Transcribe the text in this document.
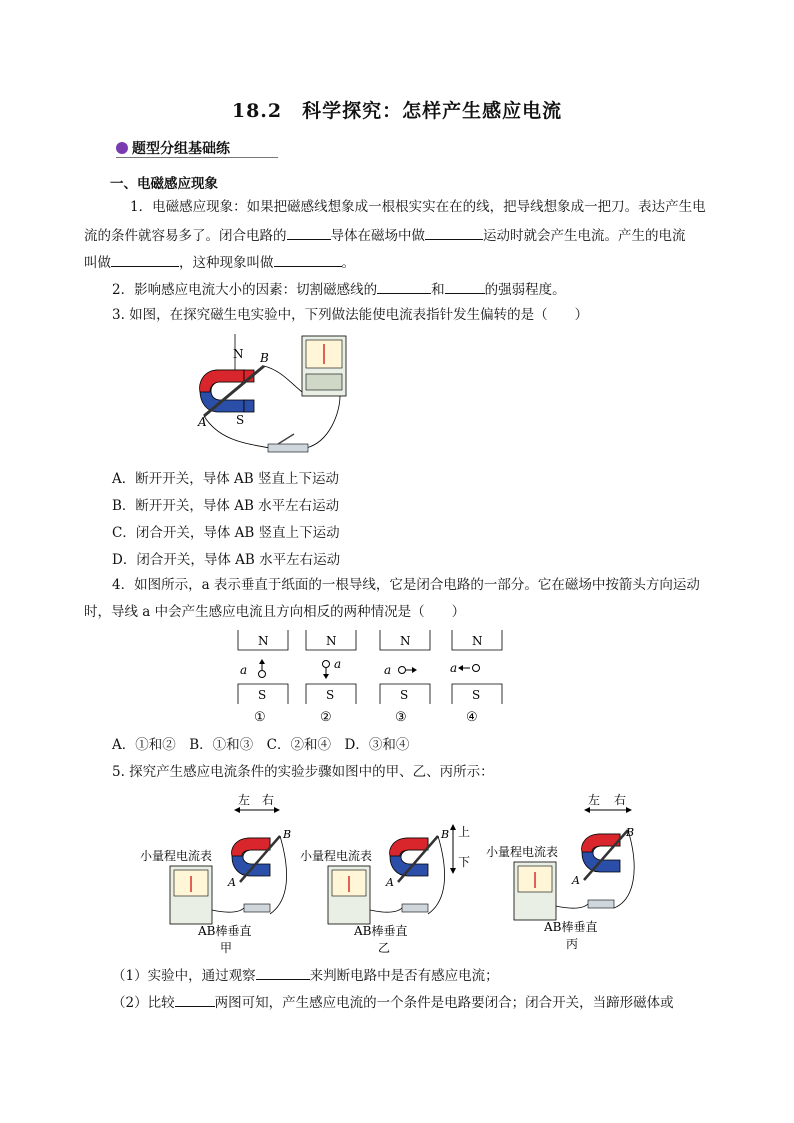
18.2　科学探究：怎样产生感应电流
题型分组基础练
一、电磁感应现象
1．电磁感应现象：如果把磁感线想象成一根根实实在在的线，把导线想象成一把刀。表达产生电
流的条件就容易多了。闭合电路的	导体在磁场中做	运动时就会产生电流。产生的电流
叫做	，这种现象叫做	。
2．影响感应电流大小的因素：切割磁感线的	和	的强弱程度。
3. 如图，在探究磁生电实验中，下列做法能使电流表指针发生偏转的是（　　）
N
S
A
B
A．断开开关，导体 AB 竖直上下运动
B．断开开关，导体 AB 水平左右运动
C．闭合开关，导体 AB 竖直上下运动
D．闭合开关，导体 AB 水平左右运动
4．如图所示，a 表示垂直于纸面的一根导线，它是闭合电路的一部分。它在磁场中按箭头方向运动
时，导线 a 中会产生感应电流且方向相反的两种情况是（　　）
N
a
S
①
N
a
S
②
N
a
S
③
N
a
S
④
A．①和②　B．①和③　C．②和④　D．③和④
5. 探究产生感应电流条件的实验步骤如图中的甲、乙、丙所示：
左 右
小量程电流表
B
A
AB棒垂直
甲
小量程电流表
B
A
上
下
AB棒垂直
乙
左 右
小量程电流表
B
A
AB棒垂直
丙
（1）实验中，通过观察	来判断电路中是否有感应电流；
（2）比较	两图可知，产生感应电流的一个条件是电路要闭合；闭合开关，当蹄形磁体或
